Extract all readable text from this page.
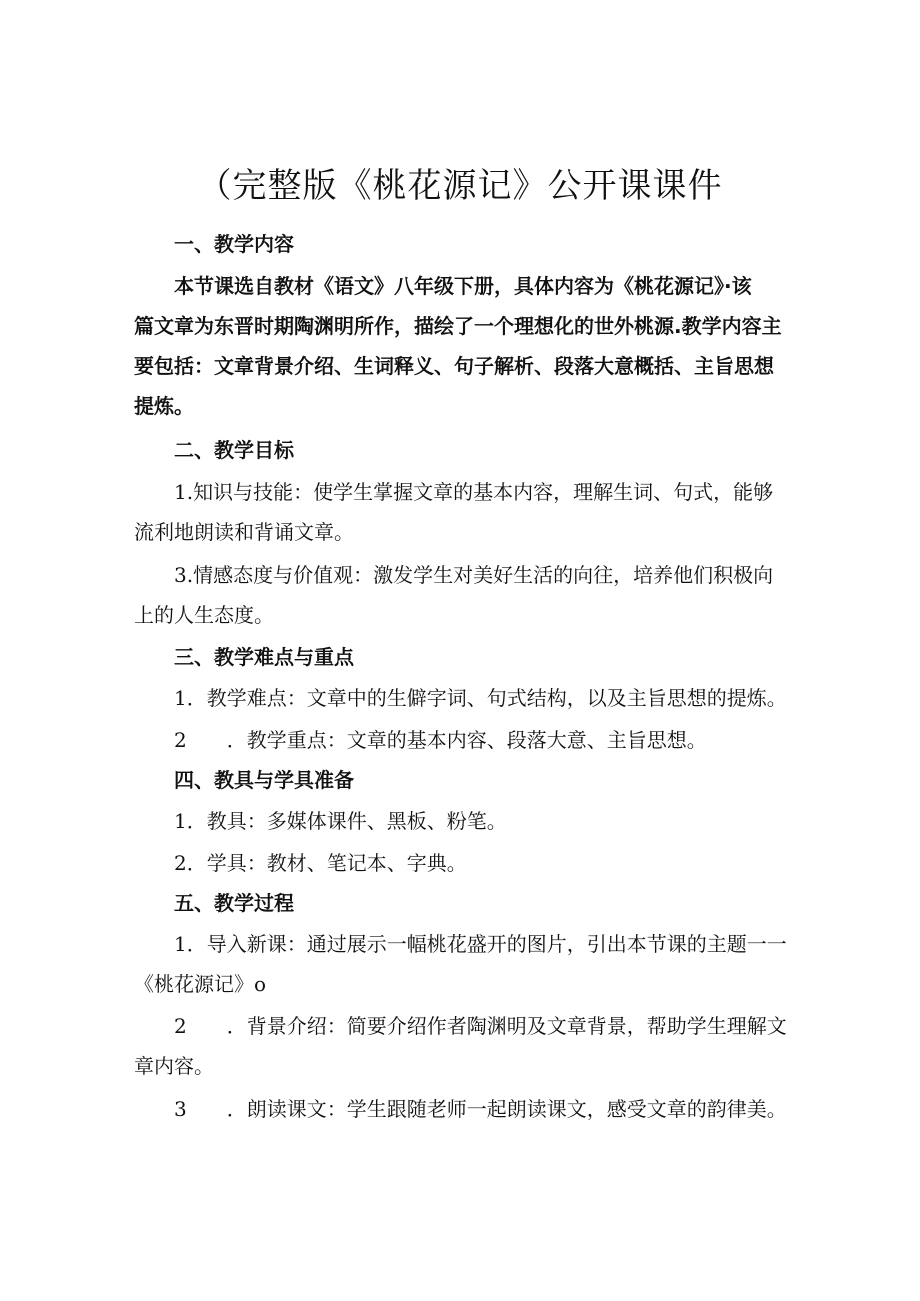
（完整版《桃花源记》公开课课件
一、教学内容
本节课选自教材《语文》八年级下册，具体内容为《桃花源记》·该
篇文章为东晋时期陶渊明所作，描绘了一个理想化的世外桃源.教学内容主
要包括：文章背景介绍、生词释义、句子解析、段落大意概括、主旨思想
提炼。
二、教学目标
1.知识与技能：使学生掌握文章的基本内容，理解生词、句式，能够
流利地朗读和背诵文章。
3.情感态度与价值观：激发学生对美好生活的向往，培养他们积极向
上的人生态度。
三、教学难点与重点
1．教学难点：文章中的生僻字词、句式结构，以及主旨思想的提炼。
2　　．教学重点：文章的基本内容、段落大意、主旨思想。
四、教具与学具准备
1．教具：多媒体课件、黑板、粉笔。
2．学具：教材、笔记本、字典。
五、教学过程
1．导入新课：通过展示一幅桃花盛开的图片，引出本节课的主题一一
《桃花源记》o
2　　．背景介绍：简要介绍作者陶渊明及文章背景，帮助学生理解文
章内容。
3　　．朗读课文：学生跟随老师一起朗读课文，感受文章的韵律美。
